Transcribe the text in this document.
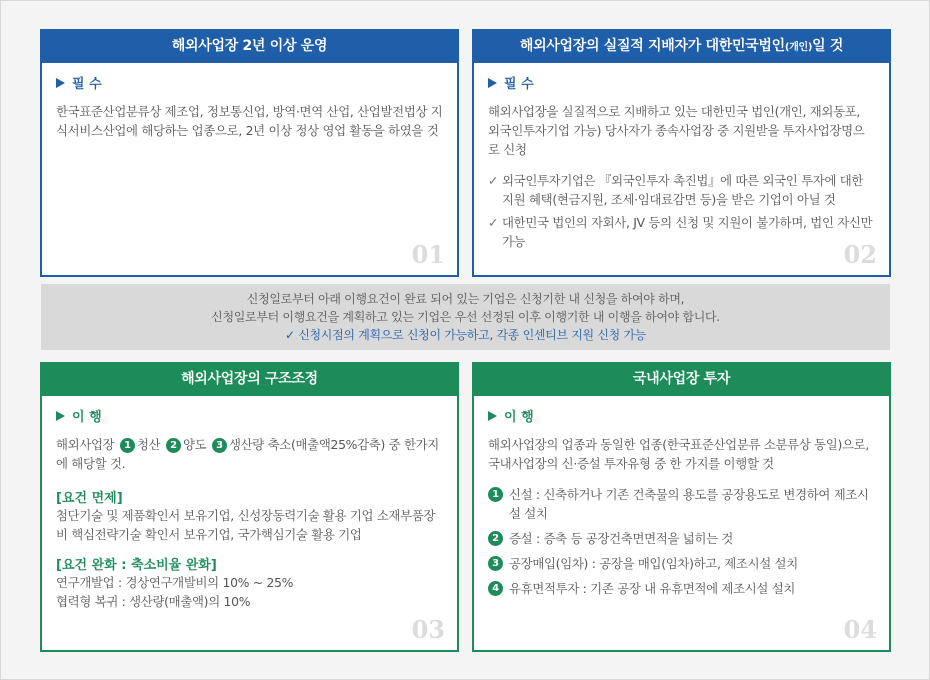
해외사업장 2년 이상 운영
필 수
한국표준산업분류상 제조업, 정보통신업, 방역·면역 산업, 산업발전법상 지식서비스산업에 해당하는 업종으로, 2년 이상 정상 영업 활동을 하였을 것
01
해외사업장의 실질적 지배자가 대한민국법인(개인)일 것
필 수
해외사업장을 실질적으로 지배하고 있는 대한민국 법인(개인, 재외동포, 외국인투자기업 가능) 당사자가 종속사업장 중 지원받을 투자사업장명으로 신청
✓ 외국인투자기업은 『외국인투자 촉진법』에 따른 외국인 투자에 대한 지원 혜택(현금지원, 조세·임대료감면 등)을 받은 기업이 아닐 것
✓ 대한민국 법인의 자회사, JV 등의 신청 및 지원이 불가하며, 법인 자신만 가능	02
신청일로부터 아래 이행요건이 완료 되어 있는 기업은 신청기한 내 신청을 하여야 하며,
신청일로부터 이행요건을 계획하고 있는 기업은 우선 선정된 이후 이행기한 내 이행을 하여야 합니다.
✓ 신청시점의 계획으로 신청이 가능하고, 각종 인센티브 지원 신청 가능
해외사업장의 구조조정
이 행
해외사업장 1 청산 2 양도 3 생산량 축소(매출액25%감축) 중 한가지에 해당할 것.
[요건 면제]
첨단기술 및 제품확인서 보유기업, 신성장동력기술 활용 기업 소재부품장비 핵심전략기술 확인서 보유기업, 국가핵심기술 활용 기업
[요건 완화 : 축소비율 완화]
연구개발업 : 경상연구개발비의 10% ~ 25%
협력형 복귀 : 생산량(매출액)의 10%
03
국내사업장 투자
이 행
해외사업장의 업종과 동일한 업종(한국표준산업분류 소분류상 동일)으로, 국내사업장의 신·증설 투자유형 중 한 가지를 이행할 것
1 신설 : 신축하거나 기존 건축물의 용도를 공장용도로 변경하여 제조시설 설치
2 증설 : 증축 등 공장건축면면적을 넓히는 것
3 공장매입(임차) : 공장을 매입(임차)하고, 제조시설 설치
4 유휴면적투자 : 기존 공장 내 유휴면적에 제조시설 설치
04
